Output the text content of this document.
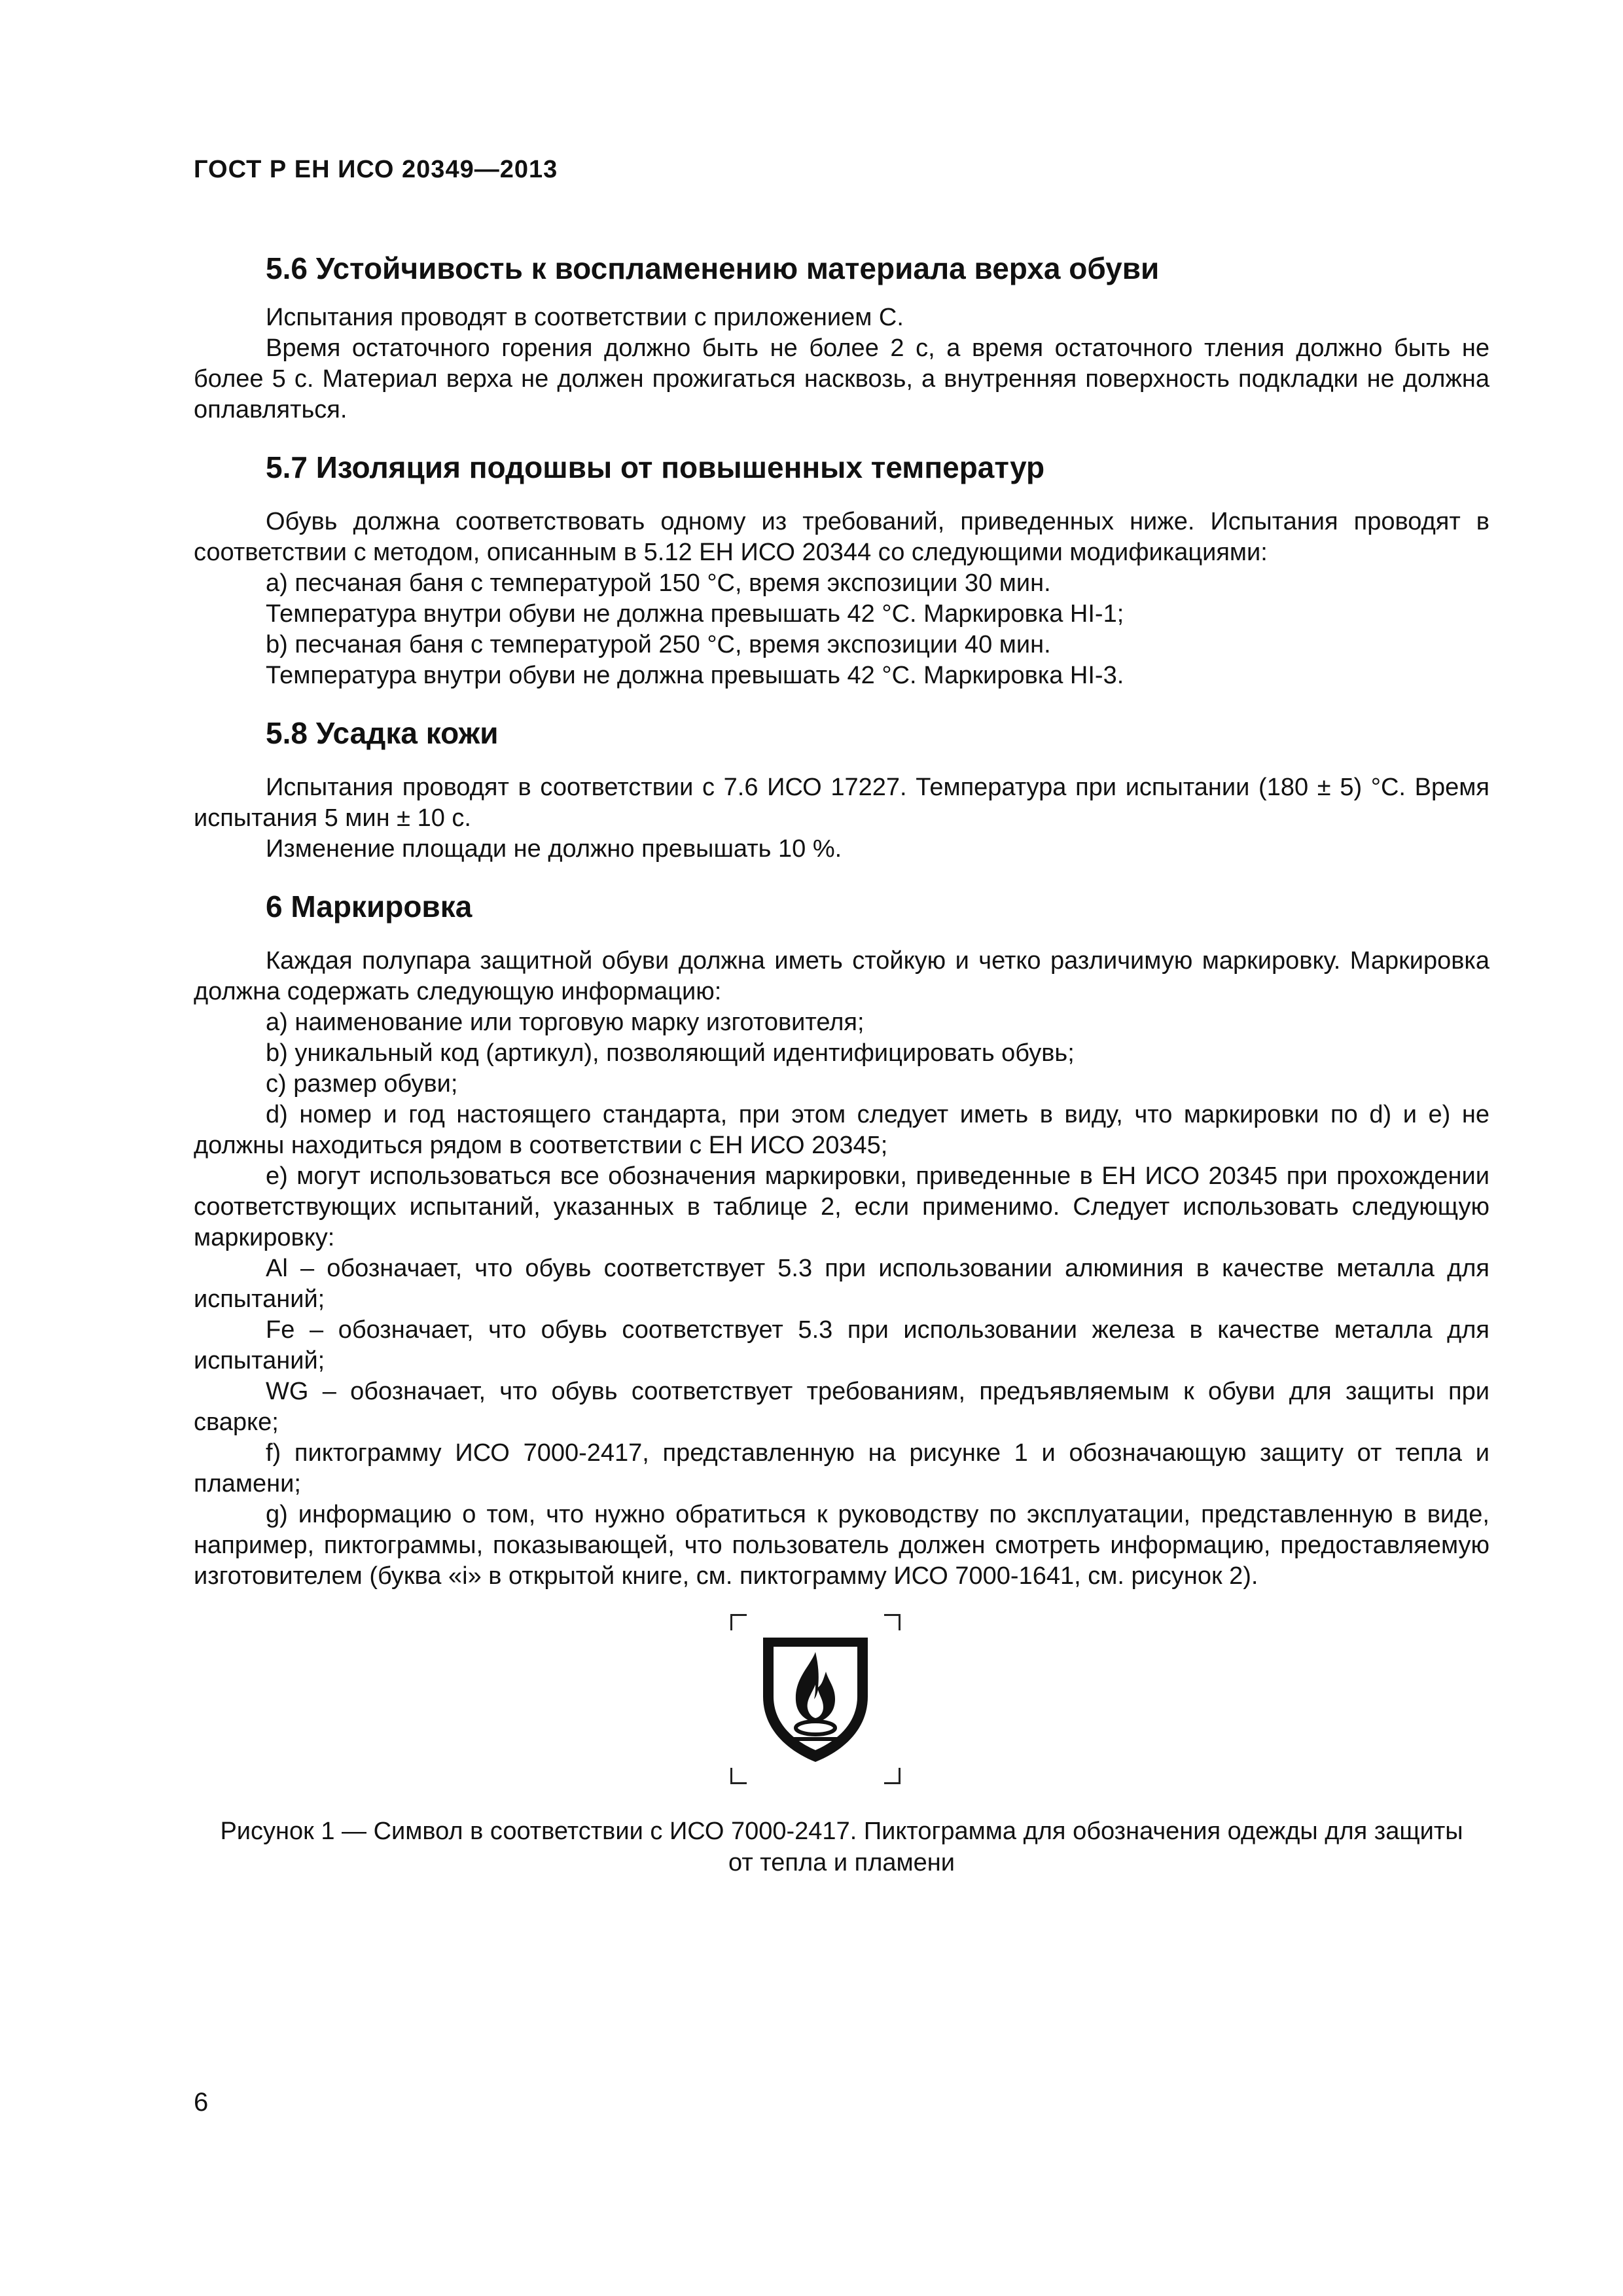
ГОСТ Р ЕН ИСО 20349—2013
5.6 Устойчивость к воспламенению материала верха обуви

Испытания проводят в соответствии с приложением С.

Время остаточного горения должно быть не более 2 с, а время остаточного тления должно быть не более 5 с. Материал верха не должен прожигаться насквозь, а внутренняя поверхность подкладки не должна оплавляться.

5.7 Изоляция подошвы от повышенных температур

Обувь должна соответствовать одному из требований, приведенных ниже. Испытания проводят в соответствии с методом, описанным в 5.12 ЕН ИСО 20344 со следующими модификациями:

а) песчаная баня с температурой 150 °С, время экспозиции 30 мин.

Температура внутри обуви не должна превышать 42 °С. Маркировка HI-1;

b) песчаная баня с температурой 250 °С, время экспозиции 40 мин.

Температура внутри обуви не должна превышать 42 °С. Маркировка HI-3.

5.8 Усадка кожи

Испытания проводят в соответствии с 7.6 ИСО 17227. Температура при испытании (180 ± 5) °С. Время испытания 5 мин ± 10 с.

Изменение площади не должно превышать 10 %.

6 Маркировка

Каждая полупара защитной обуви должна иметь стойкую и четко различимую маркировку. Маркировка должна содержать следующую информацию:

а) наименование или торговую марку изготовителя;

b) уникальный код (артикул), позволяющий идентифицировать обувь;

с) размер обуви;

d) номер и год настоящего стандарта, при этом следует иметь в виду, что маркировки по d) и е) не должны находиться рядом в соответствии с ЕН ИСО 20345;

е) могут использоваться все обозначения маркировки, приведенные в ЕН ИСО 20345 при прохождении соответствующих испытаний, указанных в таблице 2, если применимо. Следует использовать следующую маркировку:

Al – обозначает, что обувь соответствует 5.3 при использовании алюминия в качестве металла для испытаний;

Fe – обозначает, что обувь соответствует 5.3 при использовании железа в качестве металла для испытаний;

WG – обозначает, что обувь соответствует требованиям, предъявляемым к обуви для защиты при сварке;

f) пиктограмму ИСО 7000-2417, представленную на рисунке 1 и обозначающую защиту от тепла и пламени;

g) информацию о том, что нужно обратиться к руководству по эксплуатации, представленную в виде, например, пиктограммы, показывающей, что пользователь должен смотреть информацию, предоставляемую изготовителем (буква «i» в открытой книге, см. пиктограмму ИСО 7000-1641, см. рисунок 2).

Рисунок 1 — Символ в соответствии с ИСО 7000-2417. Пиктограмма для обозначения одежды для защиты от тепла и пламени

6
